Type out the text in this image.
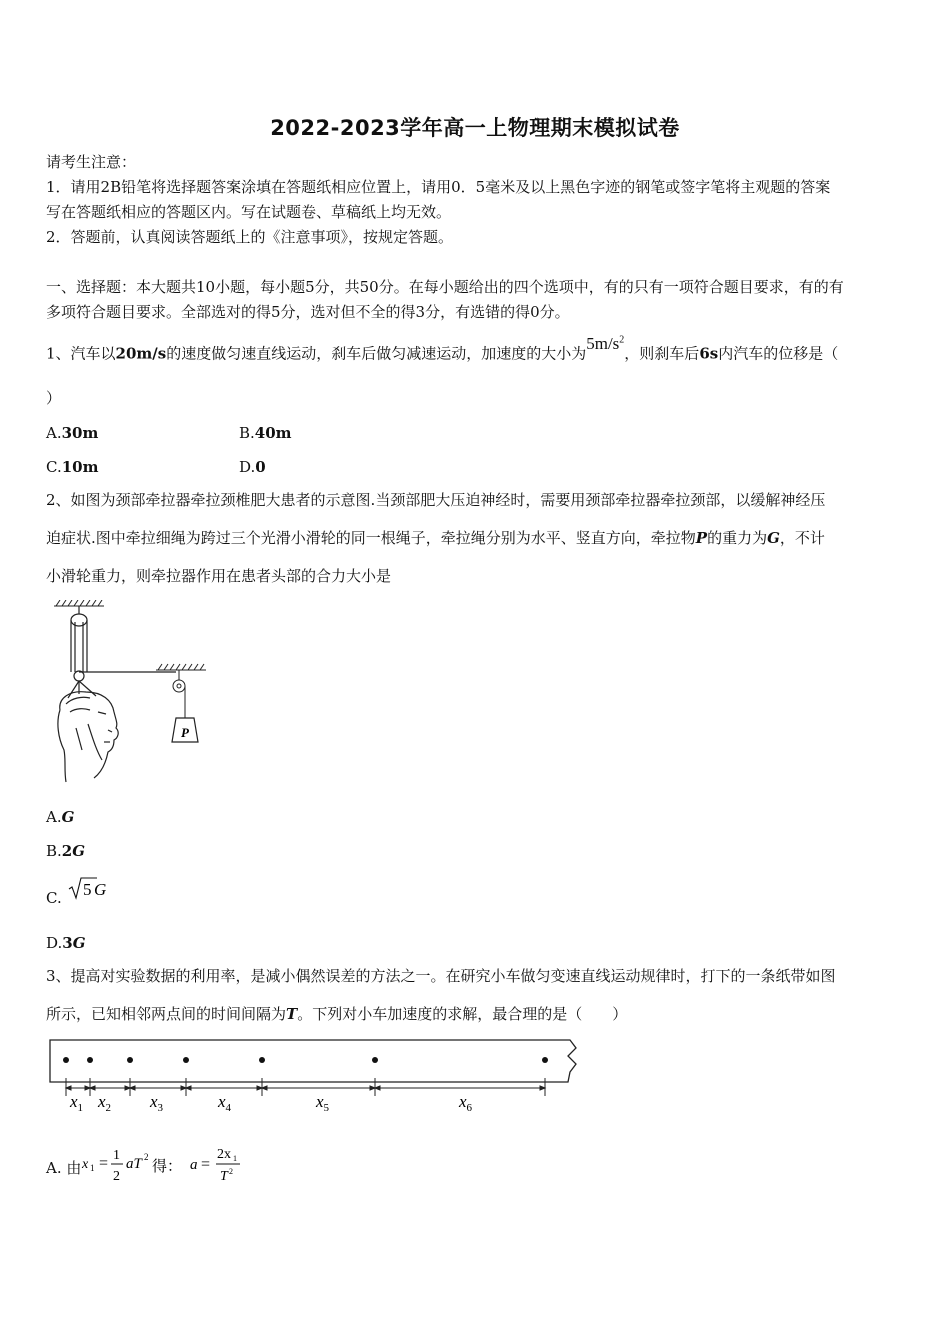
2022-2023学年高一上物理期末模拟试卷
请考生注意：
1．请用2B铅笔将选择题答案涂填在答题纸相应位置上，请用0．5毫米及以上黑色字迹的钢笔或签字笔将主观题的答案
写在答题纸相应的答题区内。写在试题卷、草稿纸上均无效。
2．答题前，认真阅读答题纸上的《注意事项》，按规定答题。
一、选择题：本大题共10小题，每小题5分，共50分。在每小题给出的四个选项中，有的只有一项符合题目要求，有的有
多项符合题目要求。全部选对的得5分，选对但不全的得3分，有选错的得0分。
1、汽车以20m/s的速度做匀速直线运动，刹车后做匀减速运动，加速度的大小为$5m/s^2$，则刹车后6s内汽车的位移是（
）
A.30m	B.40m
C.10m	D.0
2、如图为颈部牵拉器牵拉颈椎肥大患者的示意图.当颈部肥大压迫神经时，需要用颈部牵拉器牵拉颈部，以缓解神经压
迫症状.图中牵拉细绳为跨过三个光滑小滑轮的同一根绳子，牵拉绳分别为水平、竖直方向，牵拉物P的重力为G，不计
小滑轮重力，则牵拉器作用在患者头部的合力大小是
P
A.G
B.2G
C. 5 G
D.3G
3、提高对实验数据的利用率，是减小偶然误差的方法之一。在研究小车做匀变速直线运动规律时，打下的一条纸带如图
所示，已知相邻两点间的时间间隔为T。下列对小车加速度的求解，最合理的是（　　）
$x_1$ $x_2$ $x_3$	$x_4$	$x_5$	$x_6$
A. 由 x 1 = 1
2
aT 2
得： a =
2x 1
T 2
